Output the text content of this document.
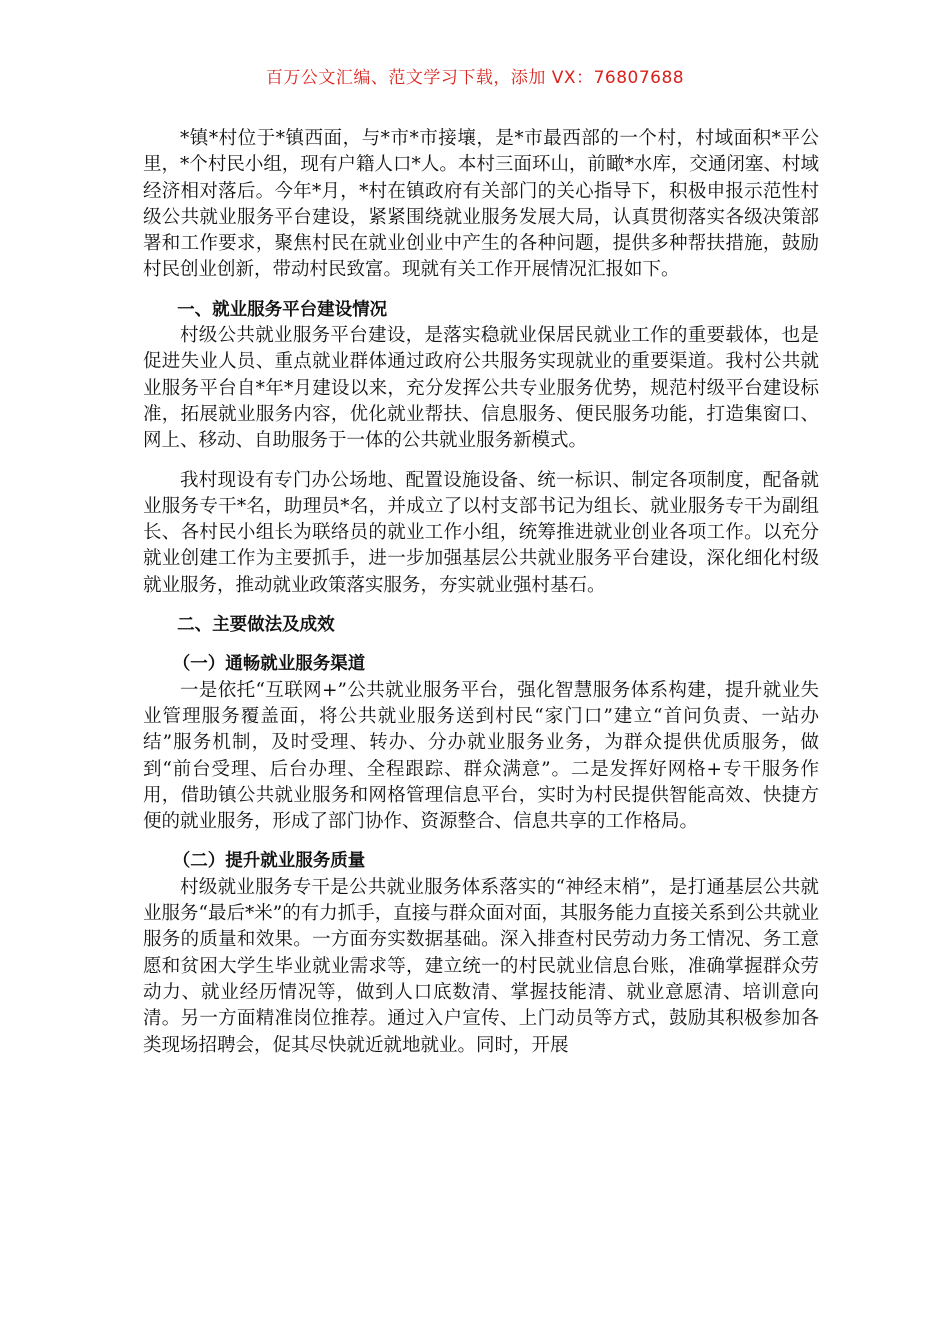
百万公文汇编、范文学习下载，添加 VX：76807688

*镇*村位于*镇西面，与*市*市接壤，是*市最西部的一个村，村域面积*平公里，*个村民小组，现有户籍人口*人。本村三面环山，前瞰*水库，交通闭塞、村域经济相对落后。今年*月，*村在镇政府有关部门的关心指导下，积极申报示范性村级公共就业服务平台建设，紧紧围绕就业服务发展大局，认真贯彻落实各级决策部署和工作要求，聚焦村民在就业创业中产生的各种问题，提供多种帮扶措施，鼓励村民创业创新，带动村民致富。现就有关工作开展情况汇报如下。

一、就业服务平台建设情况

村级公共就业服务平台建设，是落实稳就业保居民就业工作的重要载体，也是促进失业人员、重点就业群体通过政府公共服务实现就业的重要渠道。我村公共就业服务平台自*年*月建设以来，充分发挥公共专业服务优势，规范村级平台建设标准，拓展就业服务内容，优化就业帮扶、信息服务、便民服务功能，打造集窗口、网上、移动、自助服务于一体的公共就业服务新模式。

我村现设有专门办公场地、配置设施设备、统一标识、制定各项制度，配备就业服务专干*名，助理员*名，并成立了以村支部书记为组长、就业服务专干为副组长、各村民小组长为联络员的就业工作小组，统筹推进就业创业各项工作。以充分就业创建工作为主要抓手，进一步加强基层公共就业服务平台建设，深化细化村级就业服务，推动就业政策落实服务，夯实就业强村基石。

二、主要做法及成效
（一）通畅就业服务渠道

一是依托“互联网+”公共就业服务平台，强化智慧服务体系构建，提升就业失业管理服务覆盖面，将公共就业服务送到村民“家门口”建立“首问负责、一站办结”服务机制，及时受理、转办、分办就业服务业务，为群众提供优质服务，做到“前台受理、后台办理、全程跟踪、群众满意”。二是发挥好网格+专干服务作用，借助镇公共就业服务和网格管理信息平台，实时为村民提供智能高效、快捷方便的就业服务，形成了部门协作、资源整合、信息共享的工作格局。

（二）提升就业服务质量

村级就业服务专干是公共就业服务体系落实的“神经末梢”，是打通基层公共就业服务“最后*米”的有力抓手，直接与群众面对面，其服务能力直接关系到公共就业服务的质量和效果。一方面夯实数据基础。深入排查村民劳动力务工情况、务工意愿和贫困大学生毕业就业需求等，建立统一的村民就业信息台账，准确掌握群众劳动力、就业经历情况等，做到人口底数清、掌握技能清、就业意愿清、培训意向清。另一方面精准岗位推荐。通过入户宣传、上门动员等方式，鼓励其积极参加各类现场招聘会，促其尽快就近就地就业。同时，开展
